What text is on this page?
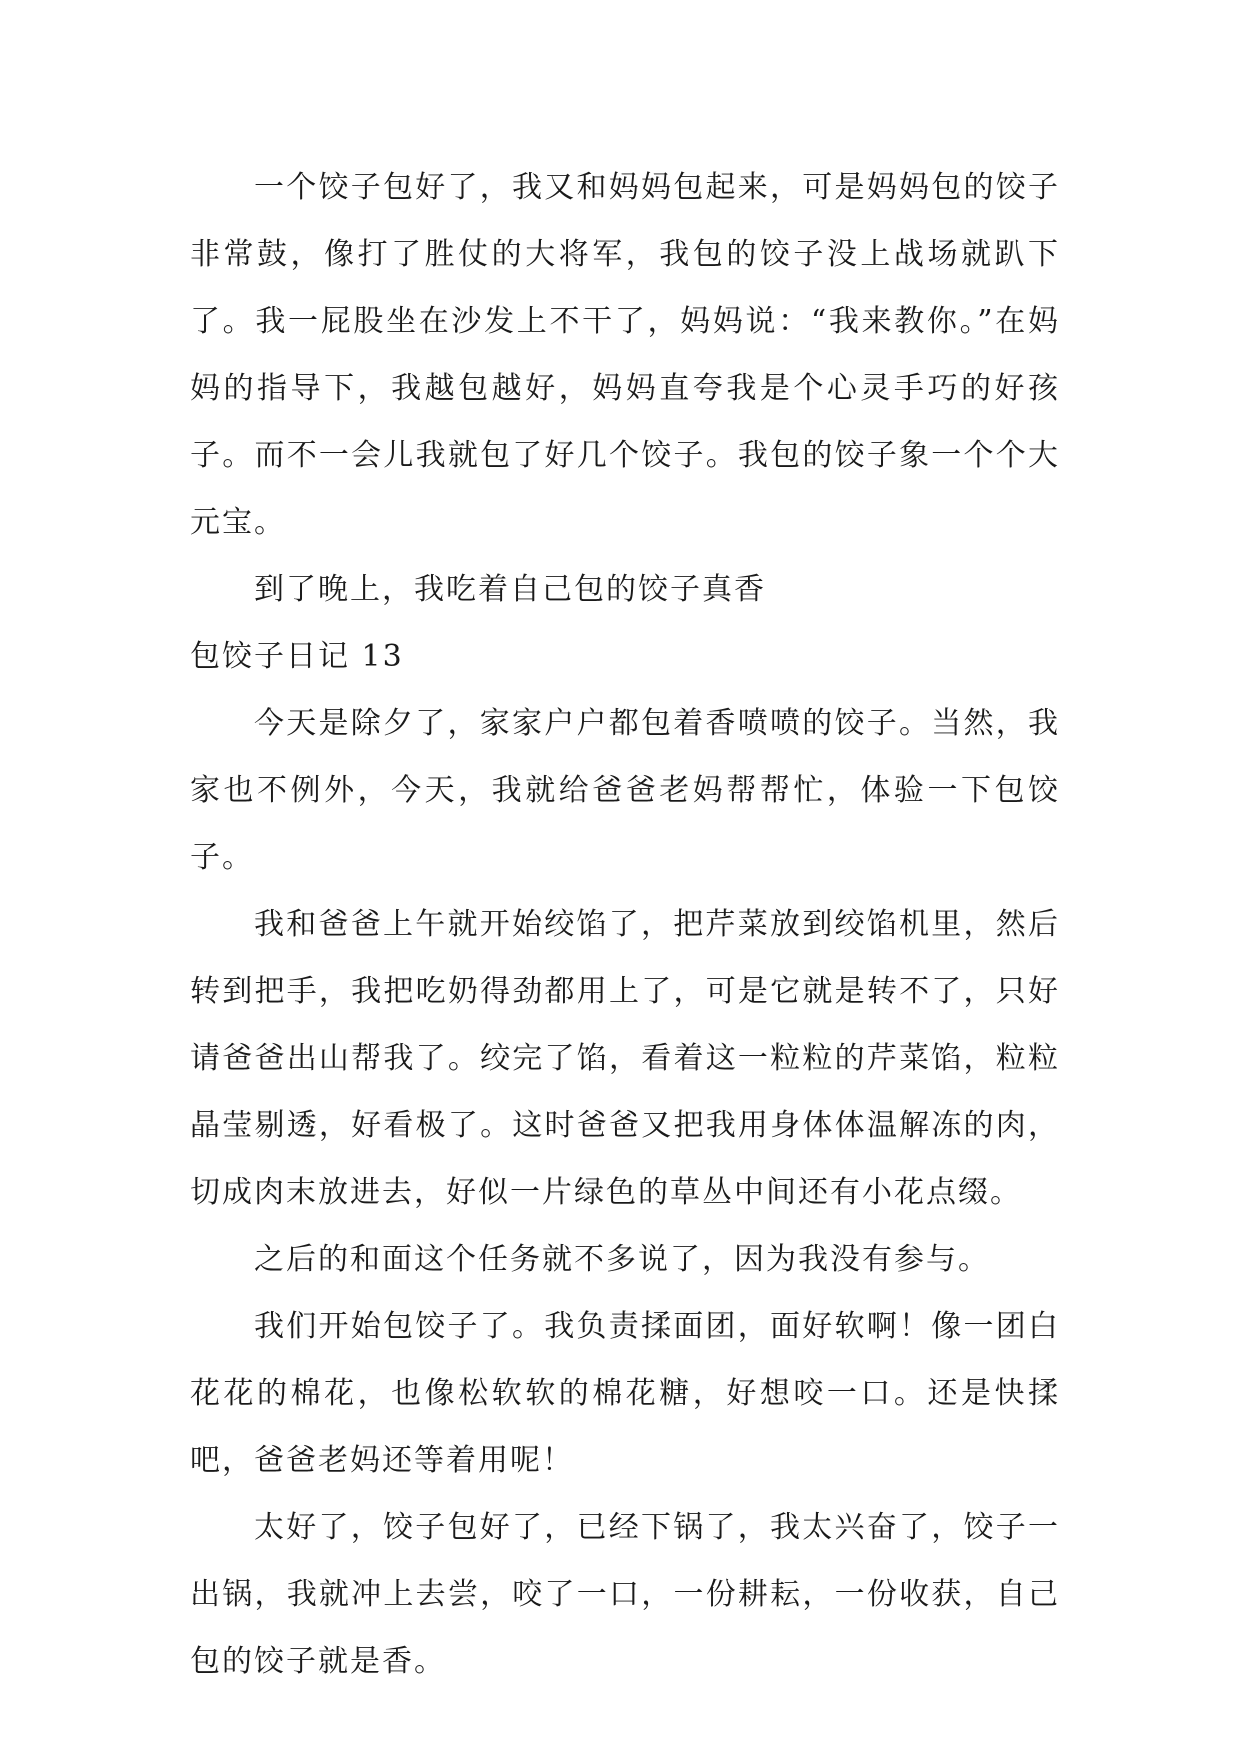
一个饺子包好了，我又和妈妈包起来，可是妈妈包的饺子非常鼓，像打了胜仗的大将军，我包的饺子没上战场就趴下了。我一屁股坐在沙发上不干了，妈妈说：“我来教你。”在妈妈的指导下，我越包越好，妈妈直夸我是个心灵手巧的好孩子。而不一会儿我就包了好几个饺子。我包的饺子象一个个大元宝。

到了晚上，我吃着自己包的饺子真香

包饺子日记 13

今天是除夕了，家家户户都包着香喷喷的饺子。当然，我家也不例外，今天，我就给爸爸老妈帮帮忙，体验一下包饺子。

我和爸爸上午就开始绞馅了，把芹菜放到绞馅机里，然后转到把手，我把吃奶得劲都用上了，可是它就是转不了，只好请爸爸出山帮我了。绞完了馅，看着这一粒粒的芹菜馅，粒粒晶莹剔透，好看极了。这时爸爸又把我用身体体温解冻的肉，切成肉末放进去，好似一片绿色的草丛中间还有小花点缀。

之后的和面这个任务就不多说了，因为我没有参与。

我们开始包饺子了。我负责揉面团，面好软啊！像一团白花花的棉花，也像松软软的棉花糖，好想咬一口。还是快揉吧，爸爸老妈还等着用呢！

太好了，饺子包好了，已经下锅了，我太兴奋了，饺子一出锅，我就冲上去尝，咬了一口，一份耕耘，一份收获，自己包的饺子就是香。
